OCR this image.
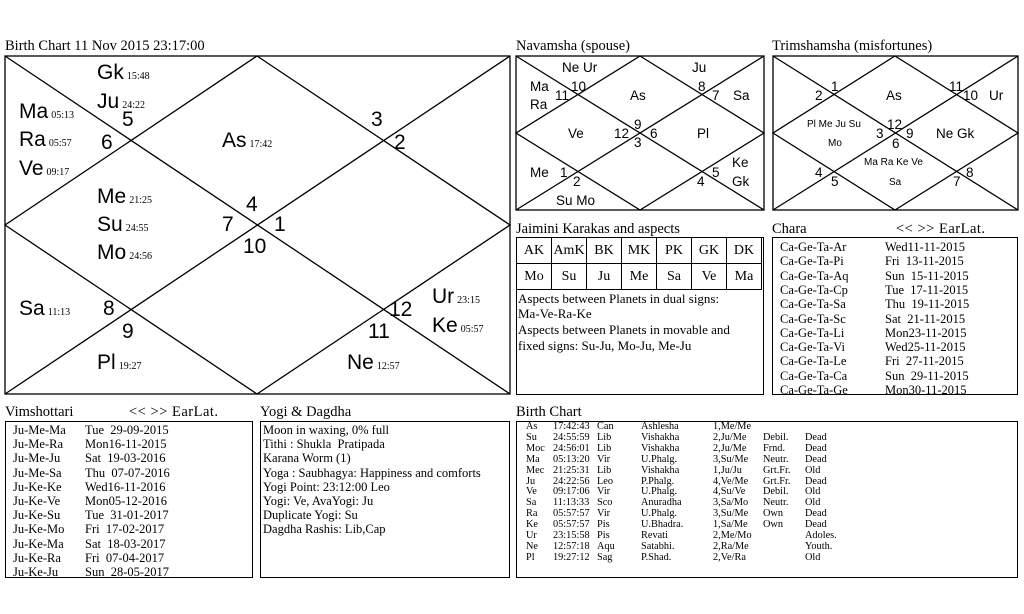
Birth Chart 11 Nov 2015 23:17:00
3
2
5
6
4
7 1
10
8
9
12
11
Gk 15:48
Ju 24:22
Ma 05:13
Ra 05:57
Ve 09:17
As 17:42
Me 21:25
Su 24:55
Mo 24:56
Sa 11:13
Pl 19:27
Ur 23:15
Ke 05:57
Ne 12:57
Navamsha (spouse)
Ne Ur	Ju
Ma
Ra
11
10
As
8
7 Sa
Ve 12
9
6
3
Pl
Me 1
2
Su Mo
4
5
Ke
Gk
Trimshamsha (misfortunes)
1
2	As
11
10 Ur
Pl Me Ju Su
Mo
3
12
9
6
Ne Gk
Ma Ra Ke Ve
Sa
4
5	7
8
Jaimini Karakas and aspects
AK	AmK	BK	MK	PK	GK	DK
Mo	Su	Ju	Me	Sa	Ve	Ma
Aspects between Planets in dual signs:
Ma-Ve-Ra-Ke
Aspects between Planets in movable and
fixed signs: Su-Ju, Mo-Ju, Me-Ju
Chara	<< >> EarLat.
Ca-Ge-Ta-Ar	Wed11-11-2015
Ca-Ge-Ta-Pi	Fri  13-11-2015
Ca-Ge-Ta-Aq	Sun  15-11-2015
Ca-Ge-Ta-Cp	Tue  17-11-2015
Ca-Ge-Ta-Sa	Thu  19-11-2015
Ca-Ge-Ta-Sc	Sat  21-11-2015
Ca-Ge-Ta-Li	Mon23-11-2015
Ca-Ge-Ta-Vi	Wed25-11-2015
Ca-Ge-Ta-Le	Fri  27-11-2015
Ca-Ge-Ta-Ca	Sun  29-11-2015
Ca-Ge-Ta-Ge	Mon30-11-2015
Vimshottari	<< >> EarLat.
Ju-Me-Ma Tue  29-09-2015
Ju-Me-Ra Mon16-11-2015
Ju-Me-Ju Sat  19-03-2016
Ju-Me-Sa Thu  07-07-2016
Ju-Ke-Ke Wed16-11-2016
Ju-Ke-Ve Mon05-12-2016
Ju-Ke-Su Tue  31-01-2017
Ju-Ke-Mo Fri  17-02-2017
Ju-Ke-Ma Sat  18-03-2017
Ju-Ke-Ra Fri  07-04-2017
Ju-Ke-Ju Sun  28-05-2017
Yogi & Dagdha
Moon in waxing, 0% full
Tithi : Shukla  Pratipada
Karana Worm (1)
Yoga : Saubhagya: Happiness and comforts
Yogi Point: 23:12:00 Leo
Yogi: Ve, AvaYogi: Ju
Duplicate Yogi: Su
Dagdha Rashis: Lib,Cap
Birth Chart
As 17:42:43 Can	Ashlesha	1,Me/Me
Su 24:55:59 Lib	Vishakha	2,Ju/Me Debil. Dead
Moc 24:56:01 Lib	Vishakha	2,Ju/Me Frnd. Dead
Ma 05:13:20 Vir	U.Phalg.	3,Su/Me Neutr. Dead
Mec 21:25:31 Lib	Vishakha	1,Ju/Ju Grt.Fr. Old
Ju 24:22:56 Leo	P.Phalg.	4,Ve/Me Grt.Fr. Dead
Ve 09:17:06 Vir	U.Phalg.	4,Su/Ve Debil. Old
Sa 11:13:33 Sco	Anuradha	3,Sa/Mo Neutr. Old
Ra 05:57:57 Vir	U.Phalg.	3,Su/Me Own Dead
Ke 05:57:57 Pis	U.Bhadra.	1,Sa/Me Own Dead
Ur 23:15:58 Pis	Revati	2,Me/Mo	Adoles.
Ne 12:57:18 Aqu	Satabhi.	2,Ra/Me	Youth.
Pl 19:27:12 Sag	P.Shad.	2,Ve/Ra	Old
